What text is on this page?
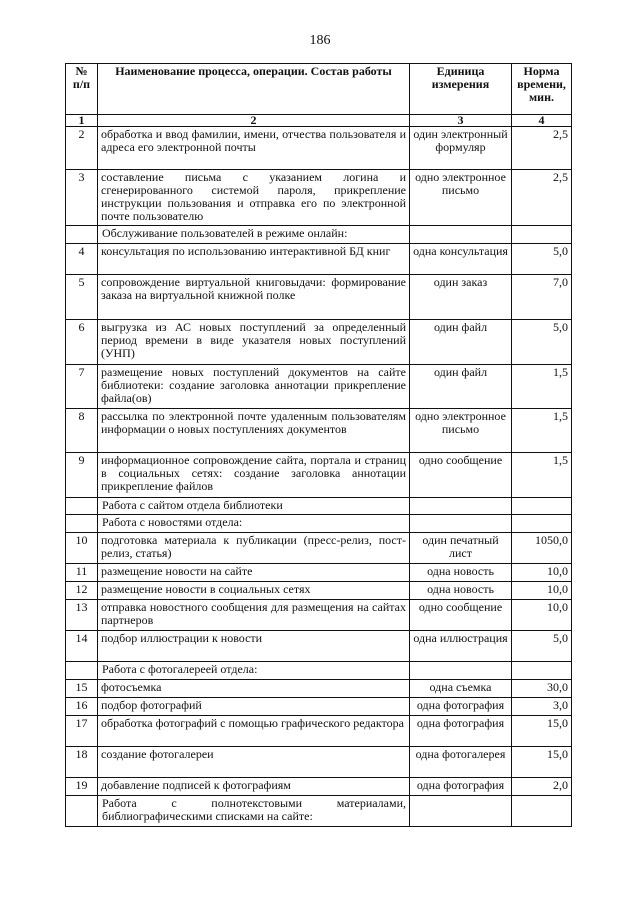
186
№ п/п	Наименование процесса, операции. Состав работы	Единица измерения	Норма времени, мин.
1	2	3	4
2	обработка и ввод фамилии, имени, отчества пользователя и адреса его электронной почты	один электронный формуляр	2,5
3	составление письма с указанием логина и сгенерированного системой пароля, прикрепление инструкции пользования и отправка его по электронной почте пользователю	одно электронное письмо	2,5
	Обслуживание пользователей в режиме онлайн:		
4	консультация по использованию интерактивной БД книг	одна консультация	5,0
5	сопровождение виртуальной книговыдачи: формирование заказа на виртуальной книжной полке	один заказ	7,0
6	выгрузка из АС новых поступлений за определенный период времени в виде указателя новых поступлений (УНП)	один файл	5,0
7	размещение новых поступлений документов на сайте библиотеки: создание заголовка аннотации прикрепление файла(ов)	один файл	1,5
8	рассылка по электронной почте удаленным пользователям информации о новых поступлениях документов	одно электронное письмо	1,5
9	информационное сопровождение сайта, портала и страниц в социальных сетях: создание заголовка аннотации прикрепление файлов	одно сообщение	1,5
	Работа с сайтом отдела библиотеки		
	Работа с новостями отдела:		
10	подготовка материала к публикации (пресс-релиз, пост-релиз, статья)	один печатный лист	1050,0
11	размещение новости на сайте	одна новость	10,0
12	размещение новости в социальных сетях	одна новость	10,0
13	отправка новостного сообщения для размещения на сайтах партнеров	одно сообщение	10,0
14	подбор иллюстрации к новости	одна иллюстрация	5,0
	Работа с фотогалереей отдела:		
15	фотосъемка	одна съемка	30,0
16	подбор фотографий	одна фотография	3,0
17	обработка фотографий с помощью графического редактора	одна фотография	15,0
18	создание фотогалереи	одна фотогалерея	15,0
19	добавление подписей к фотографиям	одна фотография	2,0
	Работа с полнотекстовыми материалами, библиографическими списками на сайте:		
